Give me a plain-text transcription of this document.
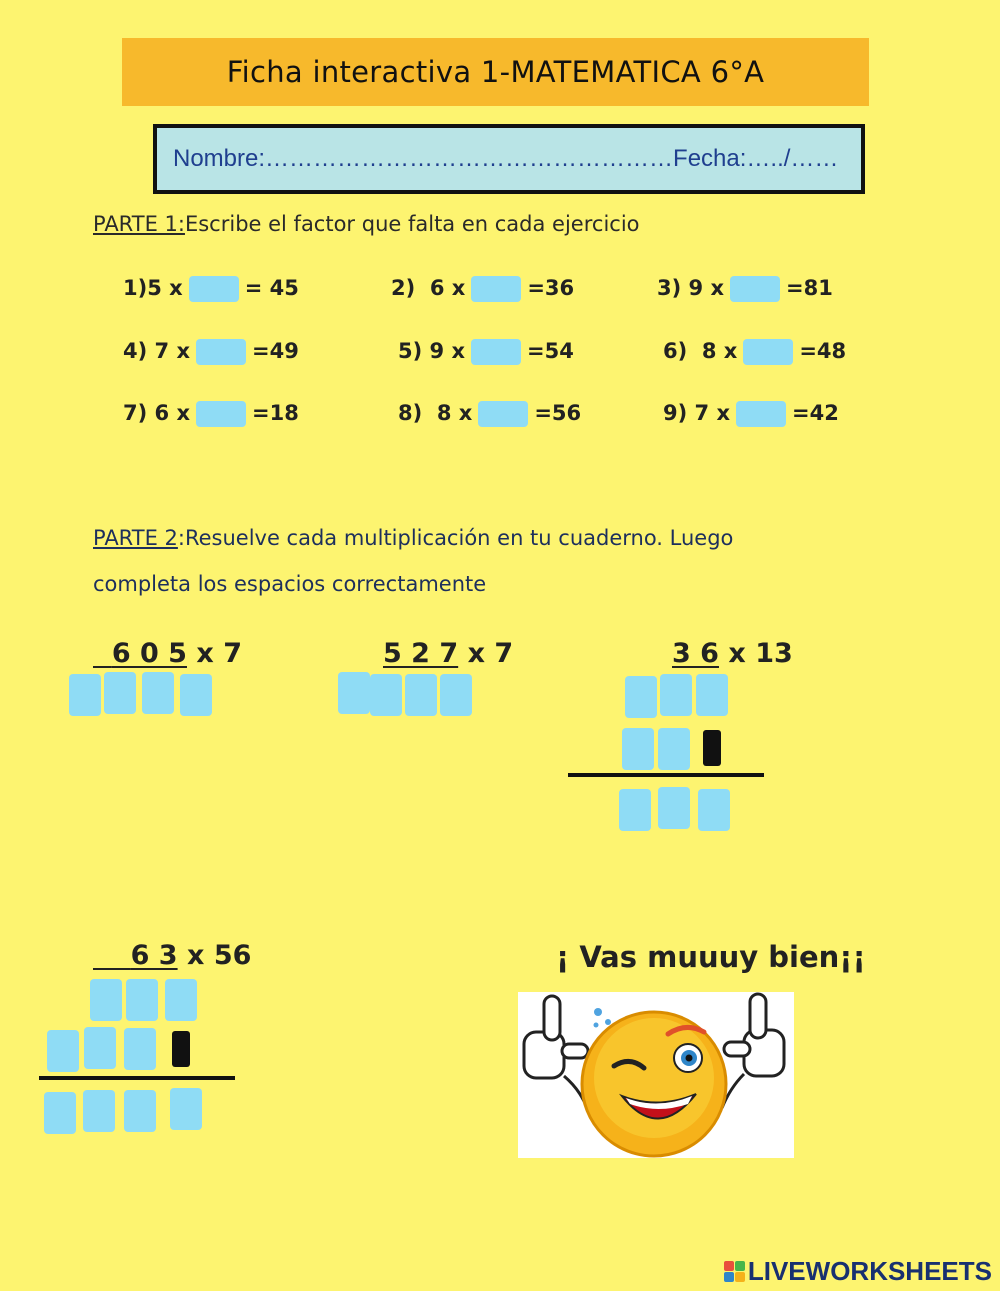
Ficha interactiva 1-MATEMATICA 6°A
Nombre:……………………………………………Fecha:…../……
PARTE 1:Escribe el factor que falta en cada ejercicio
1)5 x	= 45	2) 6 x	=36	3) 9 x	=81
4) 7 x	=49	5) 9 x	=54	6) 8 x	=48
7) 6 x	=18	8) 8 x	=56	9) 7 x	=42
PARTE 2:Resuelve cada multiplicación en tu cuaderno. Luego
completa los espacios correctamente
6 0 5 x 7	5 2 7 x 7	3 6 x 13
6 3 x 56	¡ Vas muuuy bien¡¡
LIVEWORKSHEETS
